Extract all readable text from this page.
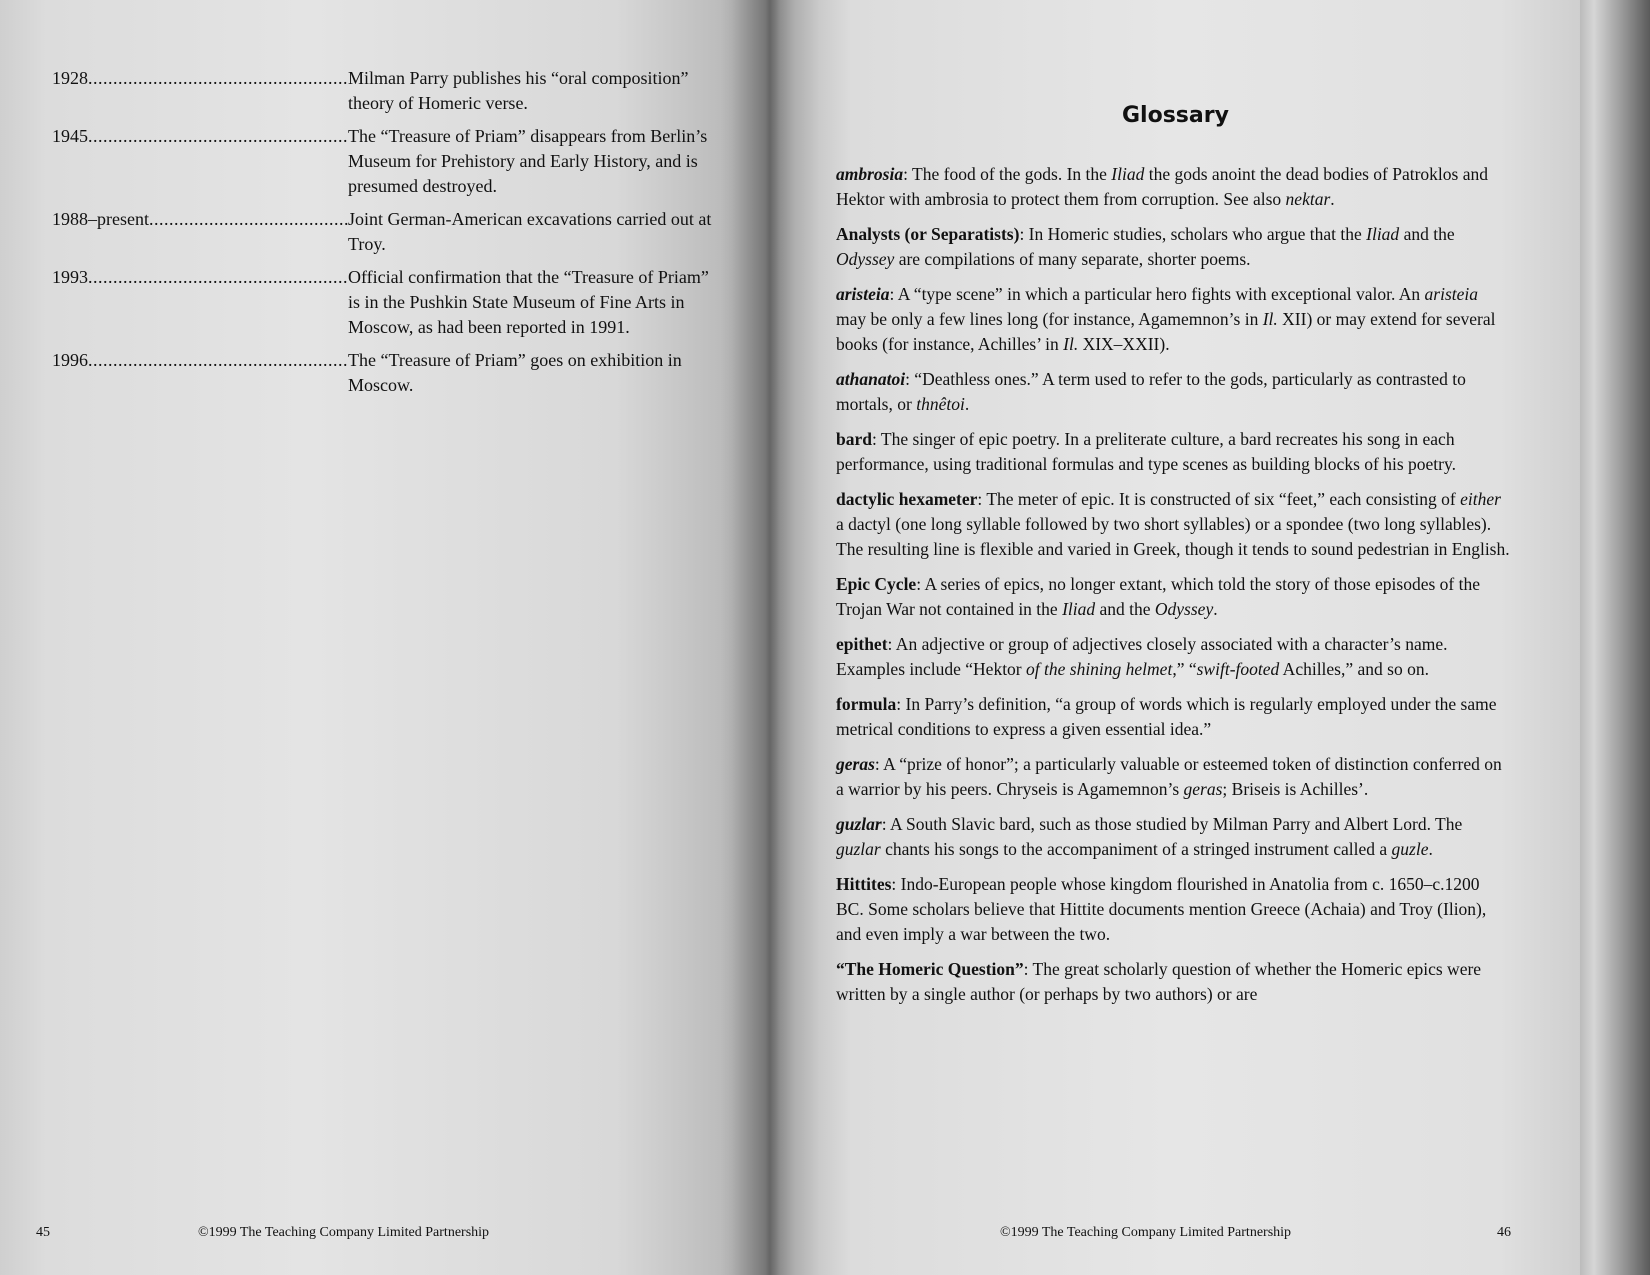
1928 .....	Milman Parry publishes his “oral composition” theory of Homeric verse.
1945 .....	The “Treasure of Priam” disappears from Berlin’s Museum for Prehistory and Early History, and is presumed destroyed.
1988–present .....	Joint German-American excavations carried out at Troy.
1993 .....	Official confirmation that the “Treasure of Priam” is in the Pushkin State Museum of Fine Arts in Moscow, as had been reported in 1991.
1996 .....	The “Treasure of Priam” goes on exhibition in Moscow.
45	©1999 The Teaching Company Limited Partnership
Glossary

ambrosia: The food of the gods. In the Iliad the gods anoint the dead bodies of Patroklos and Hektor with ambrosia to protect them from corruption. See also nektar.

Analysts (or Separatists): In Homeric studies, scholars who argue that the Iliad and the Odyssey are compilations of many separate, shorter poems.

aristeia: A “type scene” in which a particular hero fights with exceptional valor. An aristeia may be only a few lines long (for instance, Agamemnon’s in Il. XII) or may extend for several books (for instance, Achilles’ in Il. XIX–XXII).

athanatoi: “Deathless ones.” A term used to refer to the gods, particularly as contrasted to mortals, or thnêtoi.

bard: The singer of epic poetry. In a preliterate culture, a bard recreates his song in each performance, using traditional formulas and type scenes as building blocks of his poetry.

dactylic hexameter: The meter of epic. It is constructed of six “feet,” each consisting of either a dactyl (one long syllable followed by two short syllables) or a spondee (two long syllables). The resulting line is flexible and varied in Greek, though it tends to sound pedestrian in English.

Epic Cycle: A series of epics, no longer extant, which told the story of those episodes of the Trojan War not contained in the Iliad and the Odyssey.

epithet: An adjective or group of adjectives closely associated with a character’s name. Examples include “Hektor of the shining helmet,” “swift-footed Achilles,” and so on.

formula: In Parry’s definition, “a group of words which is regularly employed under the same metrical conditions to express a given essential idea.”

geras: A “prize of honor”; a particularly valuable or esteemed token of distinction conferred on a warrior by his peers. Chryseis is Agamemnon’s geras; Briseis is Achilles’.

guzlar: A South Slavic bard, such as those studied by Milman Parry and Albert Lord. The guzlar chants his songs to the accompaniment of a stringed instrument called a guzle.

Hittites: Indo-European people whose kingdom flourished in Anatolia from c. 1650–c.1200 BC. Some scholars believe that Hittite documents mention Greece (Achaia) and Troy (Ilion), and even imply a war between the two.

“The Homeric Question”: The great scholarly question of whether the Homeric epics were written by a single author (or perhaps by two authors) or are

©1999 The Teaching Company Limited Partnership	46
